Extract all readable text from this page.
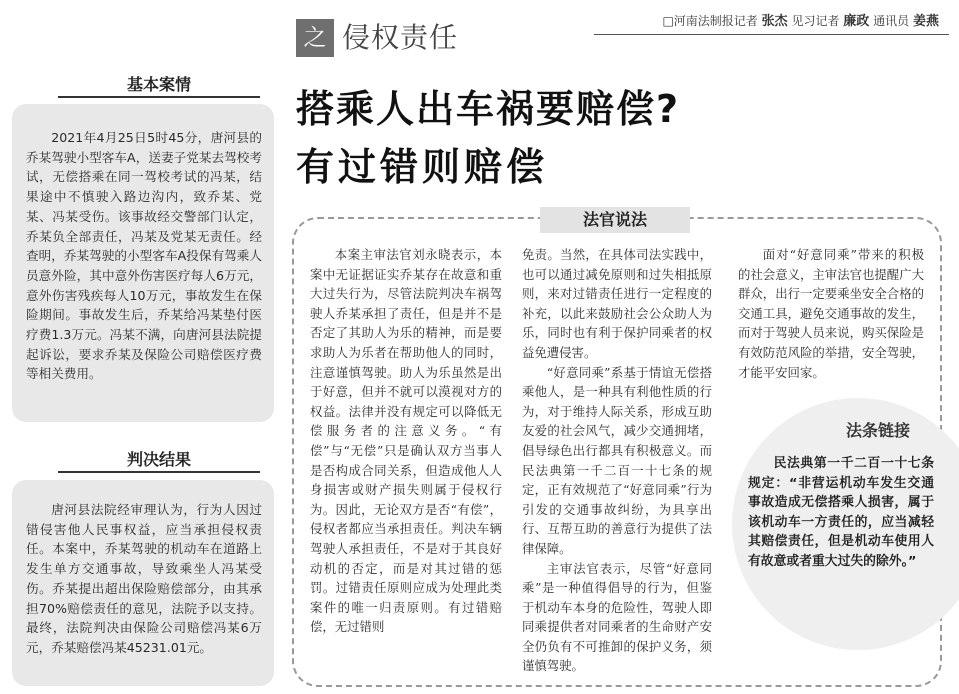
基本案情

2021年4月25日5时45分，唐河县的乔某驾驶小型客车A，送妻子党某去驾校考试，无偿搭乘在同一驾校考试的冯某，结果途中不慎驶入路边沟内，致乔某、党某、冯某受伤。该事故经交警部门认定，乔某负全部责任，冯某及党某无责任。经查明，乔某驾驶的小型客车A投保有驾乘人员意外险，其中意外伤害医疗每人6万元，意外伤害残疾每人10万元，事故发生在保险期间。事故发生后，乔某给冯某垫付医疗费1.3万元。冯某不满，向唐河县法院提起诉讼，要求乔某及保险公司赔偿医疗费等相关费用。

判决结果

唐河县法院经审理认为，行为人因过错侵害他人民事权益，应当承担侵权责任。本案中，乔某驾驶的机动车在道路上发生单方交通事故，导致乘坐人冯某受伤。乔某提出超出保险赔偿部分，由其承担70%赔偿责任的意见，法院予以支持。最终，法院判决由保险公司赔偿冯某6万元，乔某赔偿冯某45231.01元。

之 侵权责任	□河南法制报记者 张杰 见习记者 廉政 通讯员 姜燕
搭乘人出车祸要赔偿?
有过错则赔偿
法官说法

本案主审法官刘永晓表示，本案中无证据证实乔某存在故意和重大过失行为，尽管法院判决车祸驾驶人乔某承担了责任，但是并不是否定了其助人为乐的精神，而是要求助人为乐者在帮助他人的同时，注意谨慎驾驶。助人为乐虽然是出于好意，但并不就可以漠视对方的权益。法律并没有规定可以降低无偿服务者的注意义务。“有偿”与“无偿”只是确认双方当事人是否构成合同关系，但造成他人人身损害或财产损失则属于侵权行为。因此，无论双方是否“有偿”，侵权者都应当承担责任。判决车辆驾驶人承担责任，不是对于其良好动机的否定，而是对其过错的惩罚。过错责任原则应成为处理此类案件的唯一归责原则。有过错赔偿，无过错则

免责。当然，在具体司法实践中，也可以通过减免原则和过失相抵原则，来对过错责任进行一定程度的补充，以此来鼓励社会公众助人为乐，同时也有利于保护同乘者的权益免遭侵害。

“好意同乘”系基于情谊无偿搭乘他人，是一种具有利他性质的行为，对于维持人际关系，形成互助友爱的社会风气，减少交通拥堵，倡导绿色出行都具有积极意义。而民法典第一千二百一十七条的规定，正有效规范了“好意同乘”行为引发的交通事故纠纷，为具享出行、互帮互助的善意行为提供了法律保障。

主审法官表示，尽管“好意同乘”是一种值得倡导的行为，但鉴于机动车本身的危险性，驾驶人即同乘提供者对同乘者的生命财产安全仍负有不可推卸的保护义务，须谨慎驾驶。

面对“好意同乘”带来的积极的社会意义，主审法官也提醒广大群众，出行一定要乘坐安全合格的交通工具，避免交通事故的发生，而对于驾驶人员来说，购买保险是有效防范风险的举措，安全驾驶，才能平安回家。

法条链接

民法典第一千二百一十七条规定：“非营运机动车发生交通事故造成无偿搭乘人损害，属于该机动车一方责任的，应当减轻其赔偿责任，但是机动车使用人有故意或者重大过失的除外。”
